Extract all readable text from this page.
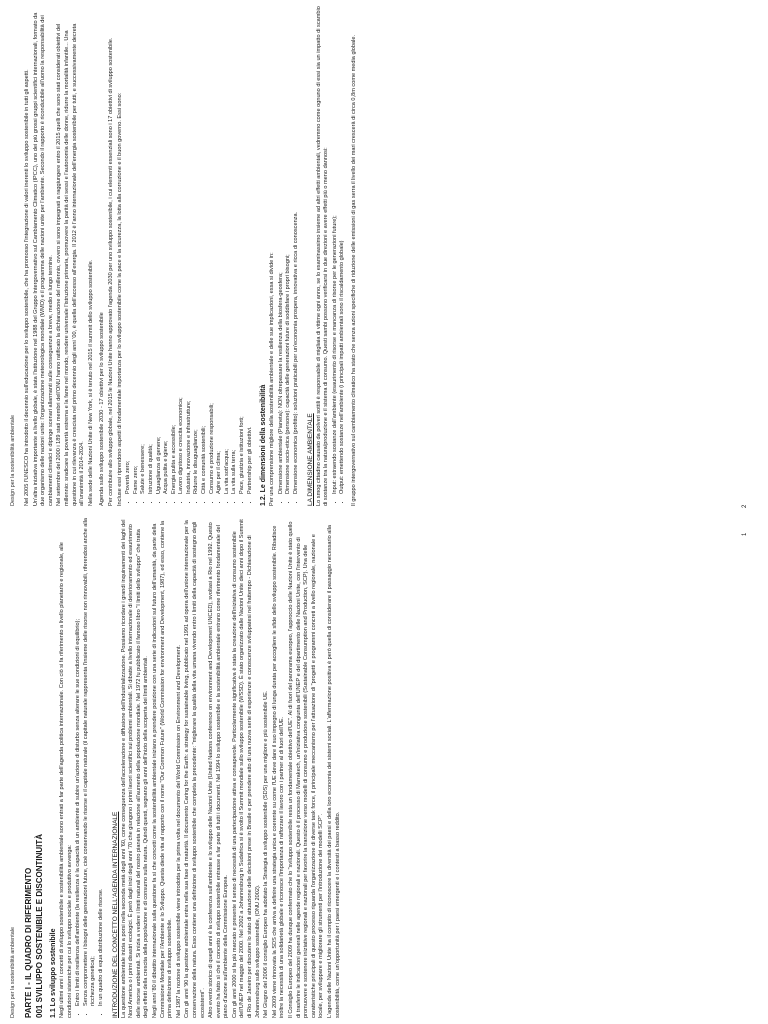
Design per la sostenibilità ambientale PARTE I - IL QUADRO DI RIFERIMENTO 001 SVILUPPO SOSTENIBILE E DISCONTINUITÀ 1.1 Lo sviluppo sostenibile Negli ultimi anni i concetti di sviluppo sostenibile e sostenibilità ambientale sono entrati a far parte dell'agenda politica internazionale. Con ciò si fa riferimento a livello planetario e regionale, alle condizioni sistemiche per cui lo sviluppo sociale e produttivo avvenga: • Entro i limiti di resilienza dell'ambiente (la resilienza è la capacità di un ambiente di subire un'azione di disturbo senza alterare le sue condizioni di equilibrio); • Senza compromettere i bisogni delle generazioni future, cioè conservando le risorse e il capitale naturale (il capitale naturale rappresenta l'insieme delle risorse non rinnovabili, riferendosi anche alla ricchezza genetica); • In un quadro di equa distribuzione delle risorse. INTRODUZIONE DEL CONCETTO NELL'AGENDA INTERNAZIONALE La questione ambientale inizia a porsi nella seconda metà degli anni '60, come conseguenza dell'accelerazione e diffusione dell'industrializzazione. Possiamo ricordare i grandi inquinamenti dei laghi del Nord America o i primi disastri ecologici. È però dagli inizi degli anni '70 che giungono i primi lavori scientifici sui problemi ambientali. Si dibatte a livello internazionale di deterioramento ed esaurimento delle risorse ambientali. Si inizia a vedere i limiti naturali del nostro pianeta in relazione all'aumento della popolazione mondiale. Nel 1972 fu pubblicato il famoso libro "I limiti dello sviluppo" che tratta degli effetti della crescita della popolazione e di consumo sulla natura. Quindi questi, segnano gli anni dell'inizio della scoperta dei limiti ambientali. Negli anni '80 il dibattito internazionale sulla questione fa sì che concetti come la sostenibilità ambientale iniziano a prendere posizione con una serie di indicazioni sul futuro dell'umanità, da parte della Commissione Mondiale per l'Ambiente e lo Sviluppo. Questa diede vita al rapporto con il nome "Our Common Future" (World Commission for environment and Development, 1987), ed esso, contiene la prima definizione di sviluppo sostenibile. Nel 1987 la nozione di sviluppo sostenibile viene introdotta per la prima volta nel documento del World Commission on Environment and Development. Con gli anni '90 la questione ambientale entra nella sua fase di maturità. Il documento Caring for the Earth: a strategy for sustainable living, pubblicato nel 1991 ad opera dell'unione internazionale per la conservazione della natura. Esso contiene una definizione di sviluppo sostenibile che completa la precedente: "migliorare la qualità della vita umana vivendo entro i limiti della capacità di sostegno degli ecosistemi". Altro evento storico di quegli anni è la conferenza sull'ambiente e lo sviluppo delle Nazioni Unite (United Nations conference on environment and Development UNCED), svoltasi a Rio nel 1992. Questo evento ha fatto sì che il concetto di sviluppo sostenibile entrasse a far parte di tutti i documenti. Nel 1994 lo sviluppo sostenibile e la sostenibilità ambientale entrano come riferimento fondamentale del piano d'azione sull'ambiente della Commissione Europea. Con gli anni 2000 si fa più marcato e presente il senso di necessità di una partecipazione attiva e consapevole. Particolarmente significativa è stata la creazione dell'iniziativa di consumo sostenibile dell'UNEP nel maggio del 2000. Nel 2002 a Johannesburg in Sudafrica si è svolto il Summit mondiale sullo sviluppo sostenibile (WSSD). È stato organizzato dalle Nazioni Unite dieci anni dopo il Summit di Rio de Janeiro per discutere lo stato di attuazione delle decisioni prese in Brasile e per prendere atto di una nuova serie di esperienze e conoscenze sviluppatesi nel frattempo - Dichiarazione di Johannesburg sullo sviluppo sostenibile, (ONU 2002). Nel Giugno del 2006 il consiglio Europeo ha adottato la Strategia di sviluppo sostenibile (SDS) per una migliore e più sostenibile UE. Nel 2009 viene rinnovata la SDS che arriva a definire una strategia unica e coerente su come l'UE deve dare il suo impegno di lunga durata per accogliere le sfide dello sviluppo sostenibile. Ribadisce inoltre la necessità di una solidarietà globale e riconosce l'importanza di rafforzare il lavoro con i partner al di fuori dell'UE. Il Consiglio Europeo del 2009 ha dunque confermato che lo "sviluppo sostenibile resta un fondamentale obiettivo dell'UE". Al di fuori del panorama europeo, l'approccio delle Nazioni Unite è stato quello di trasferire le indicazioni generali nelle agende regionali e nazionali. Questo è il processo di Marrakech, un'iniziativa congiunta dell'UNEP e del dipartimento delle Nazioni Unite, con l'intervento di promuovere e sostenere iniziative regionali e nazionali per favorire la transizione verso modelli di consumo e produzione sostenibili (Sustainable Consumption and Production, SCP). Una delle caratteristiche principali di questo processo riguarda l'organizzazione di diverse task force, il principale meccanismo per l'attuazione di "progetti e programmi concreti a livello regionale, nazionale e locale, per sviluppare e migliorare gli strumenti per l'introduzione dei modelli SCP". L'agenda delle Nazioni Unite ha il compito di riconoscere la diversità dei paesi e della loro economia dei sistemi sociali. L'affermazione positiva è però quella di considerare il passaggio necessario alla sostenibilità, come un'opportunità per i paesi emergenti e i contesti a basso reddito.

1
Design per la sostenibilità ambientale Nel 2005 l'UNESCO ha introdotto il decennio sull'educazione per lo sviluppo sostenibile, che ha promosso l'integrazione di valori inerenti lo sviluppo sostenibile in tutti gli aspetti. Un'altra iniziativa importante a livello globale, è stata l'istituzione nel 1988 del Gruppo Intergovernativo sul Cambiamento Climatico (IPCC), uno dei più grossi gruppi scientifici internazionali, formato da due organismo delle nazioni unite: l'organizzazione meteorologica mondiale (WMO) e il programma delle nazioni unite per l'ambiente. Secondo il rapporto è riconducibile all'uomo la responsabilità dei cambiamenti climatici e dipinge scenari allarmanti sulle conseguenze a breve, medio e lungo termine. Nel settembre del 2000 i 189 stati membri dell'ONU hanno ratificato la dichiarazione del millennio, ovvero si sono impegnati a raggiungere entro il 2015 quelli che sono stati considerati obiettivi del millennio: sradicare la povertà estrema e la fame nel mondo, rendere universale l'istruzione primaria, promuovere la parità dei sessi e l'autonomia delle donne, ridurre la mortalità infantile... Una questione in cui rilevanza è cresciuta nel primo decennio degli anni '00, è quella dell'accesso all'energia. Il 2012 è l'anno internazionale dell'energia sostenibile per tutti, e successivamente decreta all'unanimità il 2014-2024. Nella sede delle Nazioni Unite di New York, si è tenuto nel 2015 il summit dello sviluppo sostenibile. Agenda sullo sviluppo sostenibile 2030 - 17 obiettivi per lo sviluppo sostenibile Per contribuire allo sviluppo globale, nel 2015 le Nazioni Unite hanno approvato l'agenda 2030 per uno sviluppo sostenibile, i cui elementi essenziali sono i 17 obiettivi di sviluppo sostenibile. Incluse essi riprendono aspetti di fondamentale importanza per lo sviluppo sostenibile come la pace e la sicurezza, la lotta alla corruzione e il buon governo. Essi sono: • Povertà zero; • Fame zero; • Salute e benessere; • Istruzione di qualità; • Uguaglianza di genere; • Acqua pulita e igiene; • Energia pulita e accessibile; • Lavoro dignitoso e crescita economica; • Industria, innovazione e infrastrutture; • Ridurre le disuguaglianze; • Città e comunità sostenibili; • Consumo e produzione responsabili; • Agire per il clima; • La vita sott'acqua; • La vita sulla terra; • Pace, giustizia e istituzioni forti; • Partnership per gli obiettivi. 1.2. Le dimensioni della sostenibilità Per una comprensione migliore della sostenibilità ambientale e delle sue implicazioni, essa si divide in: • Dimensione ambientale (Pianeta): NON oltrepassare la resilienza della biosfera-geosfera; • Dimensione socio-etica (persone): capacità delle generazioni future di soddisfare i propri bisogni; • Dimensione economica (profitto): soluzioni praticabili per un'economia prospera, innovativa e ricca di conoscenza. LA DIMENSIONE AMBIENTALE Lo smog cittadino causato da polveri sottili è responsabile di migliaia di vittime ogni anno, se lo esaminassimo insieme ad altri effetti ambientali, vedremmo come ognuno di essi sia un impatto di scambio di sostanze tra la natura/produzione e il sistema di consumo. Questi sambi possono verificarsi in due direzioni e avere effetti più o meno dannosi: • Input: estraendo sostanze dall'ambiente (esaurimento di risorse e mancanza di risorse per le generazioni future); • Output: emettendo sostanze nell'ambiente (i principali impatti ambientali sono il riscaldamento globale) Il gruppo intergovernativo sul cambiamento climatico ha stato che senza azioni specifiche di riduzione delle emissioni di gas serra il livello dei mari crescerà di circa 0,8m come media globale.

2
